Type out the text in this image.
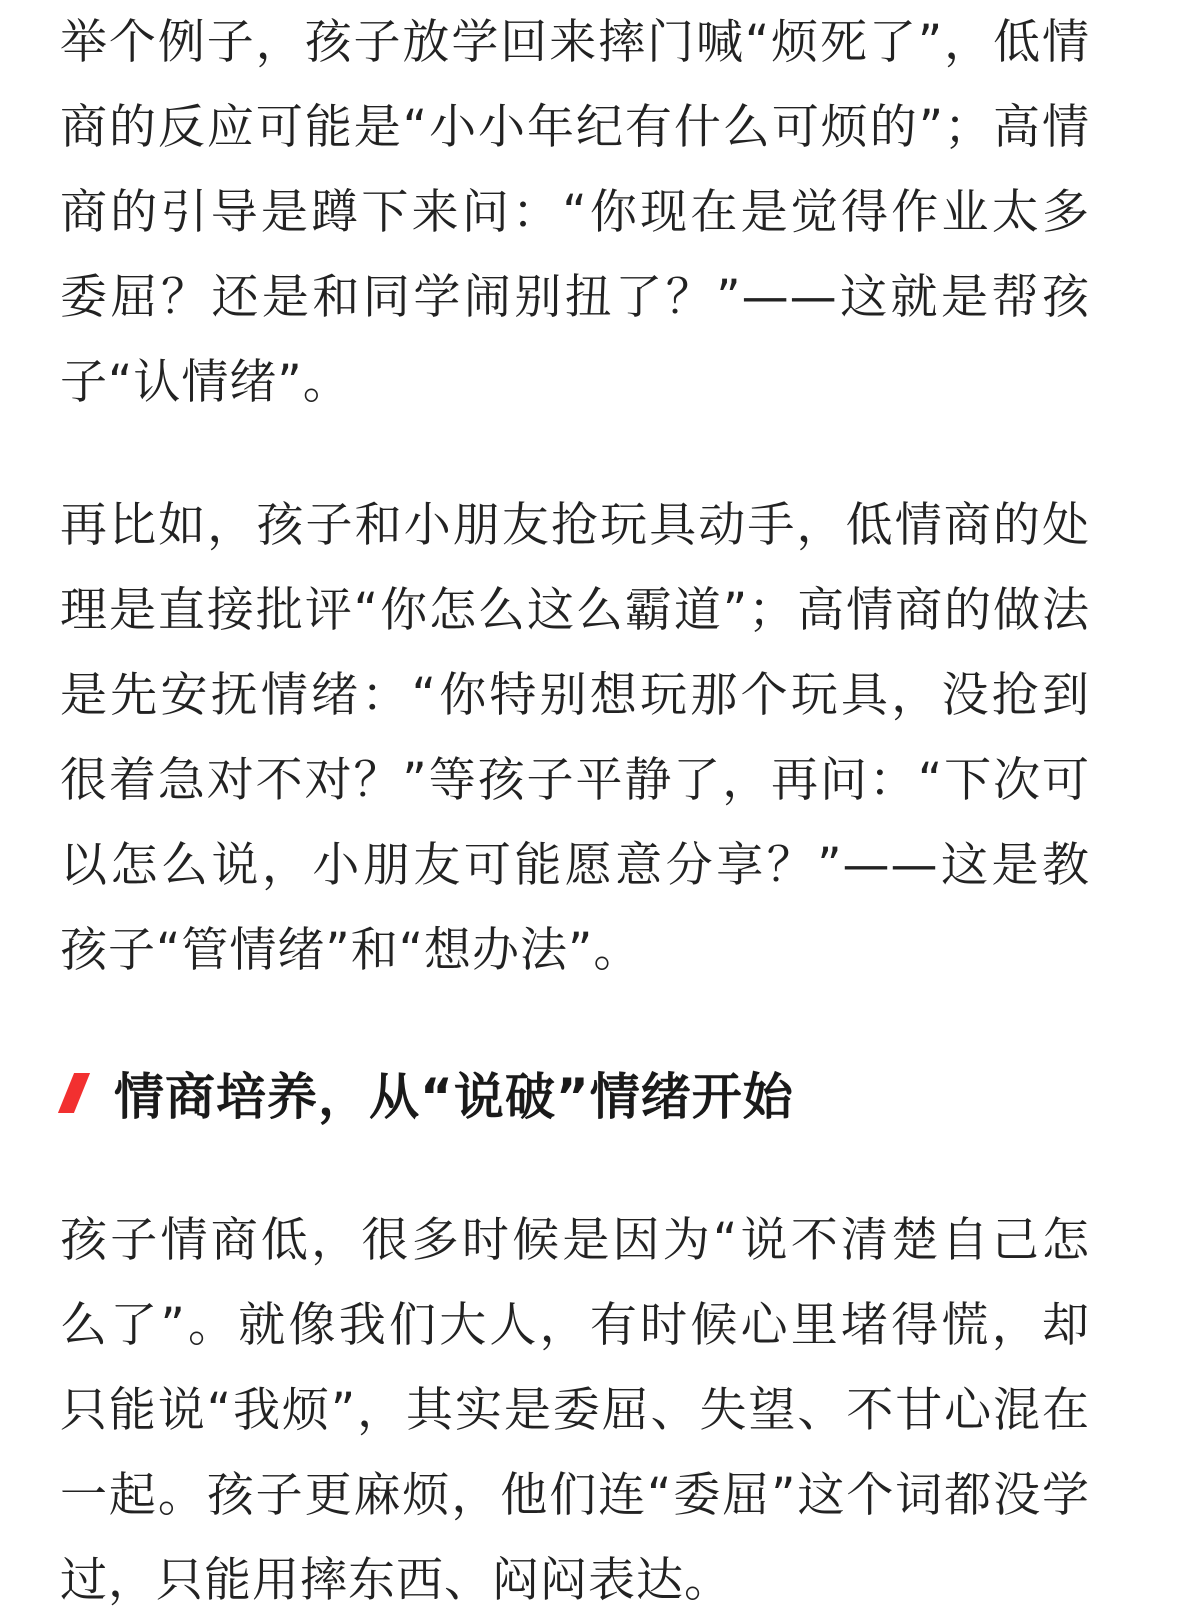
举个例子，孩子放学回来摔门喊“烦死了”，低情商的反应可能是“小小年纪有什么可烦的”；高情商的引导是蹲下来问：“你现在是觉得作业太多委屈？还是和同学闹别扭了？”——这就是帮孩子“认情绪”。

再比如，孩子和小朋友抢玩具动手，低情商的处理是直接批评“你怎么这么霸道”；高情商的做法是先安抚情绪：“你特别想玩那个玩具，没抢到很着急对不对？”等孩子平静了，再问：“下次可以怎么说，小朋友可能愿意分享？”——这是教孩子“管情绪”和“想办法”。

情商培养，从“说破”情绪开始

孩子情商低，很多时候是因为“说不清楚自己怎么了”。就像我们大人，有时候心里堵得慌，却只能说“我烦”，其实是委屈、失望、不甘心混在一起。孩子更麻烦，他们连“委屈”这个词都没学过，只能用摔东西、闷闷表达。
